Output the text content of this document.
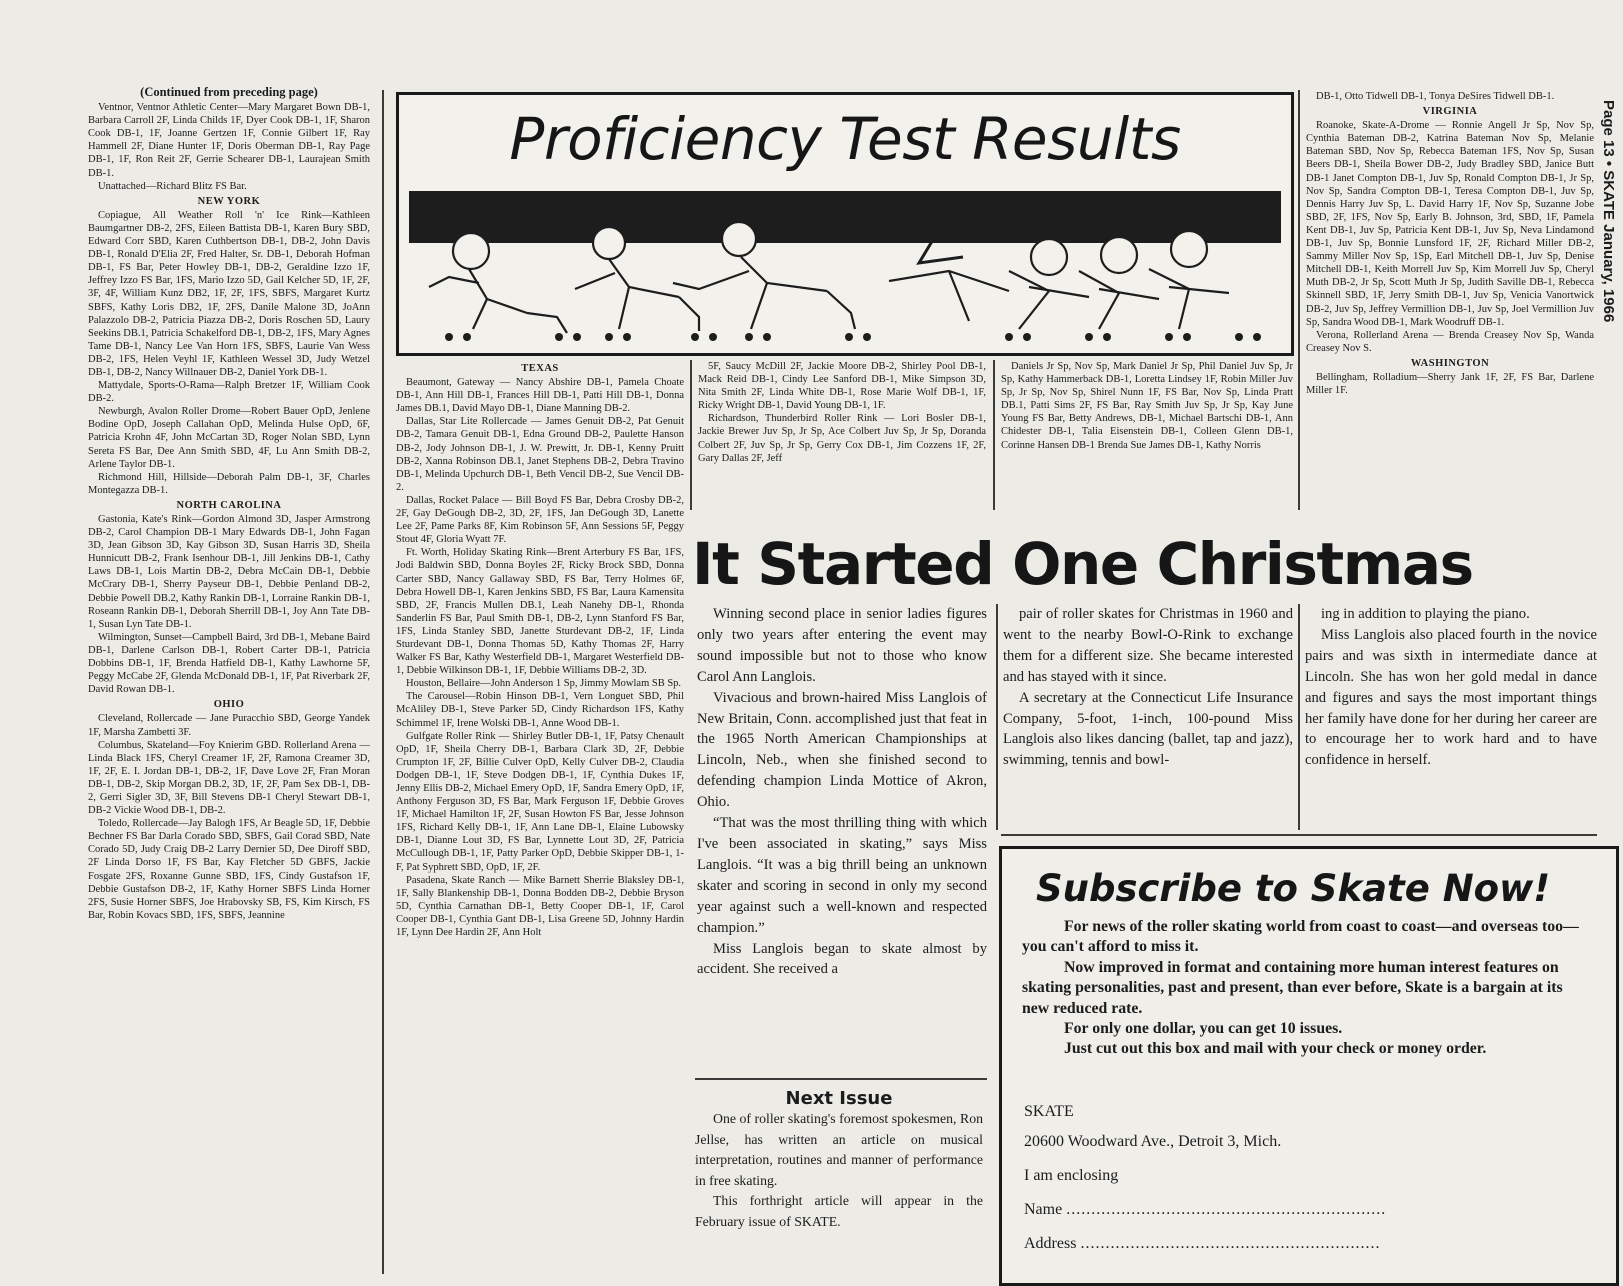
Page 13 • SKATE January, 1966

(Continued from preceding page)

Ventnor, Ventnor Athletic Center—Mary Margaret Bown DB-1, Barbara Carroll 2F, Linda Childs 1F, Dyer Cook DB-1, 1F, Sharon Cook DB-1, 1F, Joanne Gertzen 1F, Connie Gilbert 1F, Ray Hammell 2F, Diane Hunter 1F, Doris Oberman DB-1, Ray Page DB-1, 1F, Ron Reit 2F, Gerrie Schearer DB-1, Laurajean Smith DB-1.

Unattached—Richard Blitz FS Bar.

NEW YORK

Copiague, All Weather Roll 'n' Ice Rink—Kathleen Baumgartner DB-2, 2FS, Eileen Battista DB-1, Karen Bury SBD, Edward Corr SBD, Karen Cuthbertson DB-1, DB-2, John Davis DB-1, Ronald D'Elia 2F, Fred Halter, Sr. DB-1, Deborah Hofman DB-1, FS Bar, Peter Howley DB-1, DB-2, Geraldine Izzo 1F, Jeffrey Izzo FS Bar, 1FS, Mario Izzo 5D, Gail Kelcher 5D, 1F, 2F, 3F, 4F, William Kunz DB2, 1F, 2F, 1FS, SBFS, Margaret Kurtz SBFS, Kathy Loris DB2, 1F, 2FS, Danile Malone 3D, JoAnn Palazzolo DB-2, Patricia Piazza DB-2, Doris Roschen 5D, Laury Seekins DB.1, Patricia Schakelford DB-1, DB-2, 1FS, Mary Agnes Tame DB-1, Nancy Lee Van Horn 1FS, SBFS, Laurie Van Wess DB-2, 1FS, Helen Veyhl 1F, Kathleen Wessel 3D, Judy Wetzel DB-1, DB-2, Nancy Willnauer DB-2, Daniel York DB-1.

Mattydale, Sports-O-Rama—Ralph Bretzer 1F, William Cook DB-2.

Newburgh, Avalon Roller Drome—Robert Bauer OpD, Jenlene Bodine OpD, Joseph Callahan OpD, Melinda Hulse OpD, 6F, Patricia Krohn 4F, John McCartan 3D, Roger Nolan SBD, Lynn Sereta FS Bar, Dee Ann Smith SBD, 4F, Lu Ann Smith DB-2, Arlene Taylor DB-1.

Richmond Hill, Hillside—Deborah Palm DB-1, 3F, Charles Montegazza DB-1.

NORTH CAROLINA

Gastonia, Kate's Rink—Gordon Almond 3D, Jasper Armstrong DB-2, Carol Champion DB-1 Mary Edwards DB-1, John Fagan 3D, Jean Gibson 3D, Kay Gibson 3D, Susan Harris 3D, Sheila Hunnicutt DB-2, Frank Isenhour DB-1, Jill Jenkins DB-1, Cathy Laws DB-1, Lois Martin DB-2, Debra McCain DB-1, Debbie McCrary DB-1, Sherry Payseur DB-1, Debbie Penland DB-2, Debbie Powell DB.2, Kathy Rankin DB-1, Lorraine Rankin DB-1, Roseann Rankin DB-1, Deborah Sherrill DB-1, Joy Ann Tate DB-1, Susan Lyn Tate DB-1.

Wilmington, Sunset—Campbell Baird, 3rd DB-1, Mebane Baird DB-1, Darlene Carlson DB-1, Robert Carter DB-1, Patricia Dobbins DB-1, 1F, Brenda Hatfield DB-1, Kathy Lawhorne 5F, Peggy McCabe 2F, Glenda McDonald DB-1, 1F, Pat Riverbark 2F, David Rowan DB-1.

OHIO

Cleveland, Rollercade — Jane Puracchio SBD, George Yandek 1F, Marsha Zambetti 3F.

Columbus, Skateland—Foy Knierim GBD. Rollerland Arena — Linda Black 1FS, Cheryl Creamer 1F, 2F, Ramona Creamer 3D, 1F, 2F, E. I. Jordan DB-1, DB-2, 1F, Dave Love 2F, Fran Moran DB-1, DB-2, Skip Morgan DB.2, 3D, 1F, 2F, Pam Sex DB-1, DB-2, Gerri Sigler 3D, 3F, Bill Stevens DB-1 Cheryl Stewart DB-1, DB-2 Vickie Wood DB-1, DB-2.

Toledo, Rollercade—Jay Balogh 1FS, Ar Beagle 5D, 1F, Debbie Bechner FS Bar Darla Corado SBD, SBFS, Gail Corad SBD, Nate Corado 5D, Judy Craig DB-2 Larry Dernier 5D, Dee Diroff SBD, 2F Linda Dorso 1F, FS Bar, Kay Fletcher 5D GBFS, Jackie Fosgate 2FS, Roxanne Gunne SBD, 1FS, Cindy Gustafson 1F, Debbie Gustafson DB-2, 1F, Kathy Horner SBFS Linda Horner 2FS, Susie Horner SBFS, Joe Hrabovsky SB, FS, Kim Kirsch, FS Bar, Robin Kovacs SBD, 1FS, SBFS, Jeannine

Proficiency Test Results
TEXAS

Beaumont, Gateway — Nancy Abshire DB-1, Pamela Choate DB-1, Ann Hill DB-1, Frances Hill DB-1, Patti Hill DB-1, Donna James DB.1, David Mayo DB-1, Diane Manning DB-2.

Dallas, Star Lite Rollercade — James Genuit DB-2, Pat Genuit DB-2, Tamara Genuit DB-1, Edna Ground DB-2, Paulette Hanson DB-2, Jody Johnson DB-1, J. W. Prewitt, Jr. DB-1, Kenny Pruitt DB-2, Xanna Robinson DB.1, Janet Stephens DB-2, Debra Travino DB-1, Melinda Upchurch DB-1, Beth Vencil DB-2, Sue Vencil DB-2.

Dallas, Rocket Palace — Bill Boyd FS Bar, Debra Crosby DB-2, 2F, Gay DeGough DB-2, 3D, 2F, 1FS, Jan DeGough 3D, Lanette Lee 2F, Pame Parks 8F, Kim Robinson 5F, Ann Sessions 5F, Peggy Stout 4F, Gloria Wyatt 7F.

Ft. Worth, Holiday Skating Rink—Brent Arterbury FS Bar, 1FS, Jodi Baldwin SBD, Donna Boyles 2F, Ricky Brock SBD, Donna Carter SBD, Nancy Gallaway SBD, FS Bar, Terry Holmes 6F, Debra Howell DB-1, Karen Jenkins SBD, FS Bar, Laura Kamensita SBD, 2F, Francis Mullen DB.1, Leah Nanehy DB-1, Rhonda Sanderlin FS Bar, Paul Smith DB-1, DB-2, Lynn Stanford FS Bar, 1FS, Linda Stanley SBD, Janette Sturdevant DB-2, 1F, Linda Sturdevant DB-1, Donna Thomas 5D, Kathy Thomas 2F, Harry Walker FS Bar, Kathy Westerfield DB-1, Margaret Westerfield DB-1, Debbie Wilkinson DB-1, 1F, Debbie Williams DB-2, 3D.

Houston, Bellaire—John Anderson 1 Sp, Jimmy Mowlam SB Sp.

The Carousel—Robin Hinson DB-1, Vern Longuet SBD, Phil McAliley DB-1, Steve Parker 5D, Cindy Richardson 1FS, Kathy Schimmel 1F, Irene Wolski DB-1, Anne Wood DB-1.

Gulfgate Roller Rink — Shirley Butler DB-1, 1F, Patsy Chenault OpD, 1F, Sheila Cherry DB-1, Barbara Clark 3D, 2F, Debbie Crumpton 1F, 2F, Billie Culver OpD, Kelly Culver DB-2, Claudia Dodgen DB-1, 1F, Steve Dodgen DB-1, 1F, Cynthia Dukes 1F, Jenny Ellis DB-2, Michael Emery OpD, 1F, Sandra Emery OpD, 1F, Anthony Ferguson 3D, FS Bar, Mark Ferguson 1F, Debbie Groves 1F, Michael Hamilton 1F, 2F, Susan Howton FS Bar, Jesse Johnson 1FS, Richard Kelly DB-1, 1F, Ann Lane DB-1, Elaine Lubowsky DB-1, Dianne Lout 3D, FS Bar, Lynnette Lout 3D, 2F, Patricia McCullough DB-1, 1F, Patty Parker OpD, Debbie Skipper DB-1, 1-F, Pat Syphrett SBD, OpD, 1F, 2F.

Pasadena, Skate Ranch — Mike Barnett Sherrie Blaksley DB-1, 1F, Sally Blankenship DB-1, Donna Bodden DB-2, Debbie Bryson 5D, Cynthia Carnathan DB-1, Betty Cooper DB-1, 1F, Carol Cooper DB-1, Cynthia Gant DB-1, Lisa Greene 5D, Johnny Hardin 1F, Lynn Dee Hardin 2F, Ann Holt

5F, Saucy McDill 2F, Jackie Moore DB-2, Shirley Pool DB-1, Mack Reid DB-1, Cindy Lee Sanford DB-1, Mike Simpson 3D, Nita Smith 2F, Linda White DB-1, Rose Marie Wolf DB-1, 1F, Ricky Wright DB-1, David Young DB-1, 1F.

Richardson, Thunderbird Roller Rink — Lori Bosler DB-1, Jackie Brewer Juv Sp, Jr Sp, Ace Colbert Juv Sp, Jr Sp, Doranda Colbert 2F, Juv Sp, Jr Sp, Gerry Cox DB-1, Jim Cozzens 1F, 2F, Gary Dallas 2F, Jeff

Daniels Jr Sp, Nov Sp, Mark Daniel Jr Sp, Phil Daniel Juv Sp, Jr Sp, Kathy Hammerback DB-1, Loretta Lindsey 1F, Robin Miller Juv Sp, Jr Sp, Nov Sp, Shirel Nunn 1F, FS Bar, Nov Sp, Linda Pratt DB.1, Patti Sims 2F, FS Bar, Ray Smith Juv Sp, Jr Sp, Kay June Young FS Bar, Betty Andrews, DB-1, Michael Bartschi DB-1, Ann Chidester DB-1, Talia Eisenstein DB-1, Colleen Glenn DB-1, Corinne Hansen DB-1 Brenda Sue James DB-1, Kathy Norris

DB-1, Otto Tidwell DB-1, Tonya DeSires Tidwell DB-1.

VIRGINIA

Roanoke, Skate-A-Drome — Ronnie Angell Jr Sp, Nov Sp, Cynthia Bateman DB-2, Katrina Bateman Nov Sp, Melanie Bateman SBD, Nov Sp, Rebecca Bateman 1FS, Nov Sp, Susan Beers DB-1, Sheila Bower DB-2, Judy Bradley SBD, Janice Butt DB-1 Janet Compton DB-1, Juv Sp, Ronald Compton DB-1, Jr Sp, Nov Sp, Sandra Compton DB-1, Teresa Compton DB-1, Juv Sp, Dennis Harry Juv Sp, L. David Harry 1F, Nov Sp, Suzanne Jobe SBD, 2F, 1FS, Nov Sp, Early B. Johnson, 3rd, SBD, 1F, Pamela Kent DB-1, Juv Sp, Patricia Kent DB-1, Juv Sp, Neva Lindamond DB-1, Juv Sp, Bonnie Lunsford 1F, 2F, Richard Miller DB-2, Sammy Miller Nov Sp, 1Sp, Earl Mitchell DB-1, Juv Sp, Denise Mitchell DB-1, Keith Morrell Juv Sp, Kim Morrell Juv Sp, Cheryl Muth DB-2, Jr Sp, Scott Muth Jr Sp, Judith Saville DB-1, Rebecca Skinnell SBD, 1F, Jerry Smith DB-1, Juv Sp, Venicia Vanortwick DB-2, Juv Sp, Jeffrey Vermillion DB-1, Juv Sp, Joel Vermillion Juv Sp, Sandra Wood DB-1, Mark Woodruff DB-1.

Verona, Rollerland Arena — Brenda Creasey Nov Sp, Wanda Creasey Nov S.

WASHINGTON

Bellingham, Rolladium—Sherry Jank 1F, 2F, FS Bar, Darlene Miller 1F.

It Started One Christmas

Winning second place in senior ladies figures only two years after entering the event may sound impossible but not to those who know Carol Ann Langlois.

Vivacious and brown-haired Miss Langlois of New Britain, Conn. accomplished just that feat in the 1965 North American Championships at Lincoln, Neb., when she finished second to defending champion Linda Mottice of Akron, Ohio.

“That was the most thrilling thing with which I've been associated in skating,” says Miss Langlois. “It was a big thrill being an unknown skater and scoring in second in only my second year against such a well-known and respected champion.”

Miss Langlois began to skate almost by accident. She received a

pair of roller skates for Christmas in 1960 and went to the nearby Bowl-O-Rink to exchange them for a different size. She became interested and has stayed with it since.

A secretary at the Connecticut Life Insurance Company, 5-foot, 1-inch, 100-pound Miss Langlois also likes dancing (ballet, tap and jazz), swimming, tennis and bowl-

ing in addition to playing the piano.

Miss Langlois also placed fourth in the novice pairs and was sixth in intermediate dance at Lincoln. She has won her gold medal in dance and figures and says the most important things her family have done for her during her career are to encourage her to work hard and to have confidence in herself.

Next Issue

One of roller skating's foremost spokesmen, Ron Jellse, has written an article on musical interpretation, routines and manner of performance in free skating.

This forthright article will appear in the February issue of SKATE.

Subscribe to Skate Now!

For news of the roller skating world from coast to coast—and overseas too—you can't afford to miss it.

Now improved in format and containing more human interest features on skating personalities, past and present, than ever before, Skate is a bargain at its new reduced rate.

For only one dollar, you can get 10 issues.

Just cut out this box and mail with your check or money order.

SKATE
20600 Woodward Ave., Detroit 3, Mich.
I am enclosing
Name ................................................................
Address ............................................................
